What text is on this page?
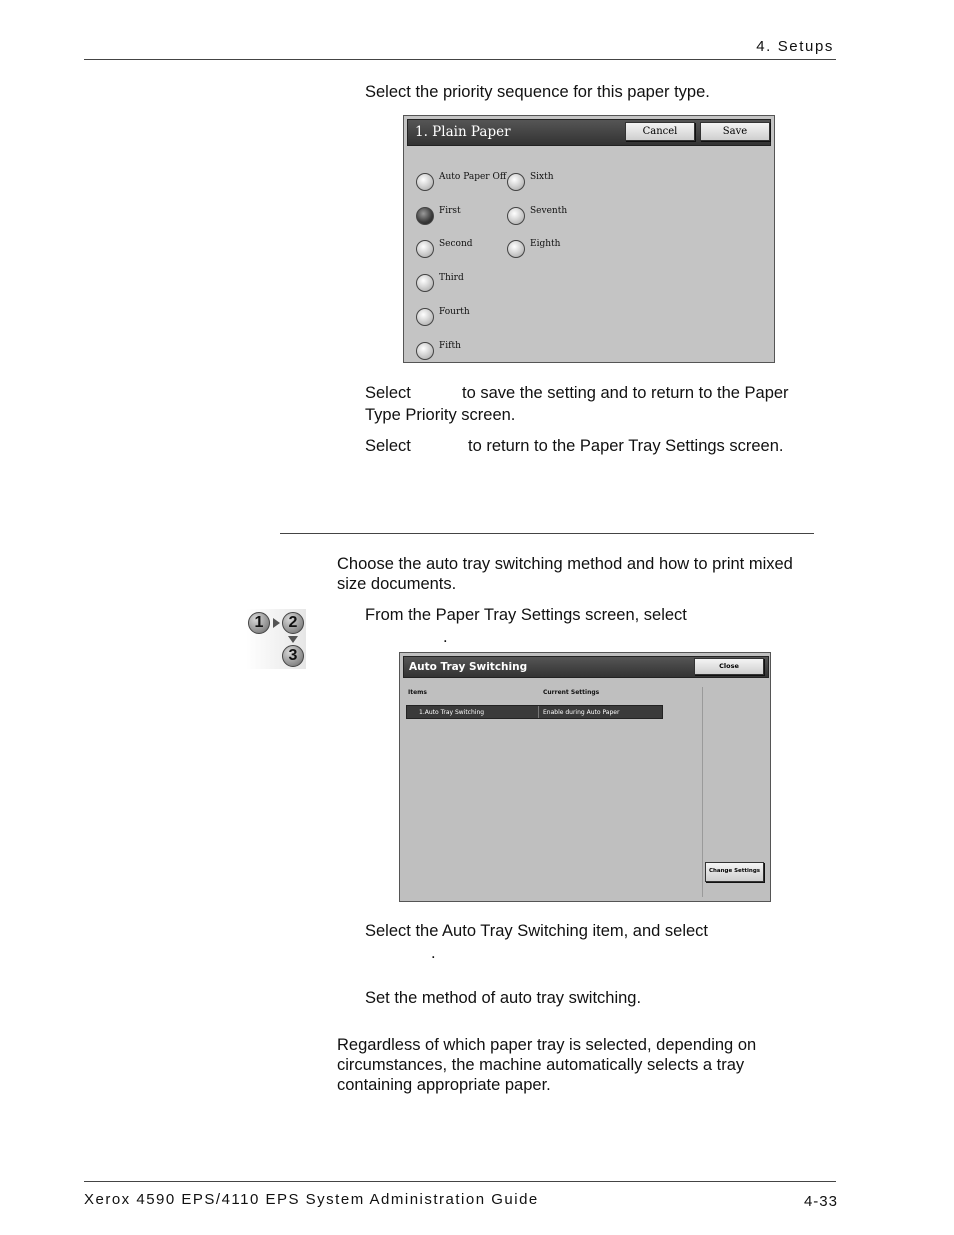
4. Setups
Select the priority sequence for this paper type.
1. Plain Paper	Cancel	Save
Auto Paper Off
First
Second
Third
Fourth
Fifth
Sixth
Seventh
Eighth
Select	to save the setting and to return to the Paper
Type Priority screen.
Select	to return to the Paper Tray Settings screen.
Choose the auto tray switching method and how to print mixed
size documents.
1	2
3
From the Paper Tray Settings screen, select
.
Auto Tray Switching	Close
Items	Current Settings
1.Auto Tray Switching	Enable during Auto Paper
Change Settings
Select the Auto Tray Switching item, and select
.
Set the method of auto tray switching.
Regardless of which paper tray is selected, depending on
circumstances, the machine automatically selects a tray
containing appropriate paper.
Xerox 4590 EPS/4110 EPS System Administration Guide	4-33
